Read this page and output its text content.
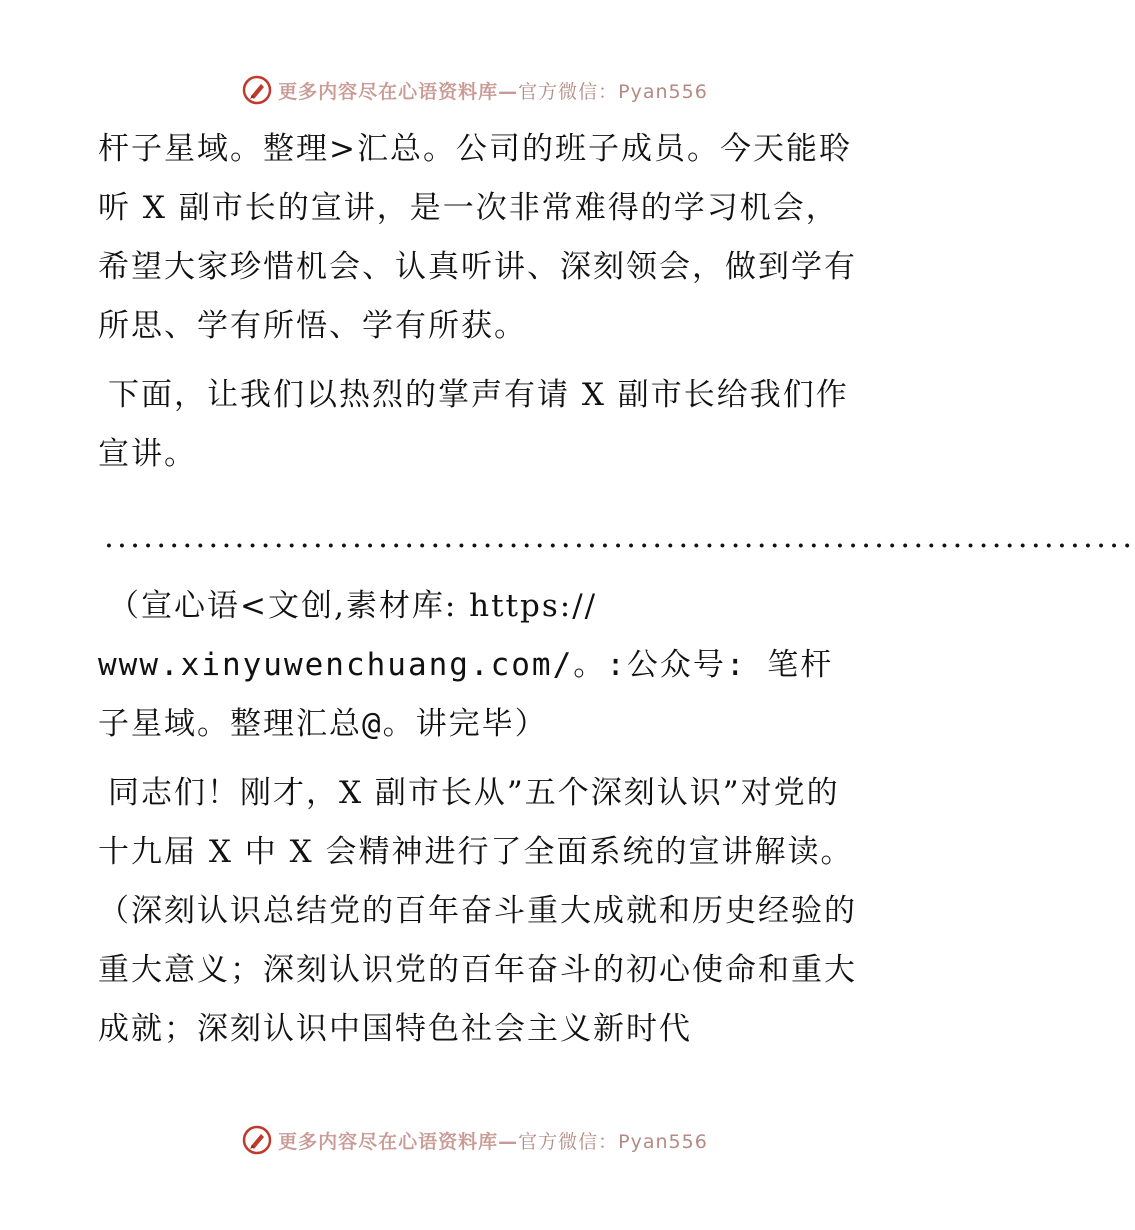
更多内容尽在心语资料库—官方微信：Pyan556

杆子星域。整理>汇总。公司的班子成员。今天能聆听 X 副市长的宣讲，是一次非常难得的学习机会，希望大家珍惜机会、认真听讲、深刻领会，做到学有所思、学有所悟、学有所获。

下面，让我们以热烈的掌声有请 X 副市长给我们作宣讲。

...............................................................................

（宣心语<文创,素材库: https://
www.xinyuwenchuang.com/。:公众号: 笔杆子星域。整理汇总@。讲完毕）

同志们！刚才，X 副市长从”五个深刻认识”对党的十九届 X 中 X 会精神进行了全面系统的宣讲解读。（深刻认识总结党的百年奋斗重大成就和历史经验的重大意义；深刻认识党的百年奋斗的初心使命和重大成就；深刻认识中国特色社会主义新时代

更多内容尽在心语资料库—官方微信：Pyan556
